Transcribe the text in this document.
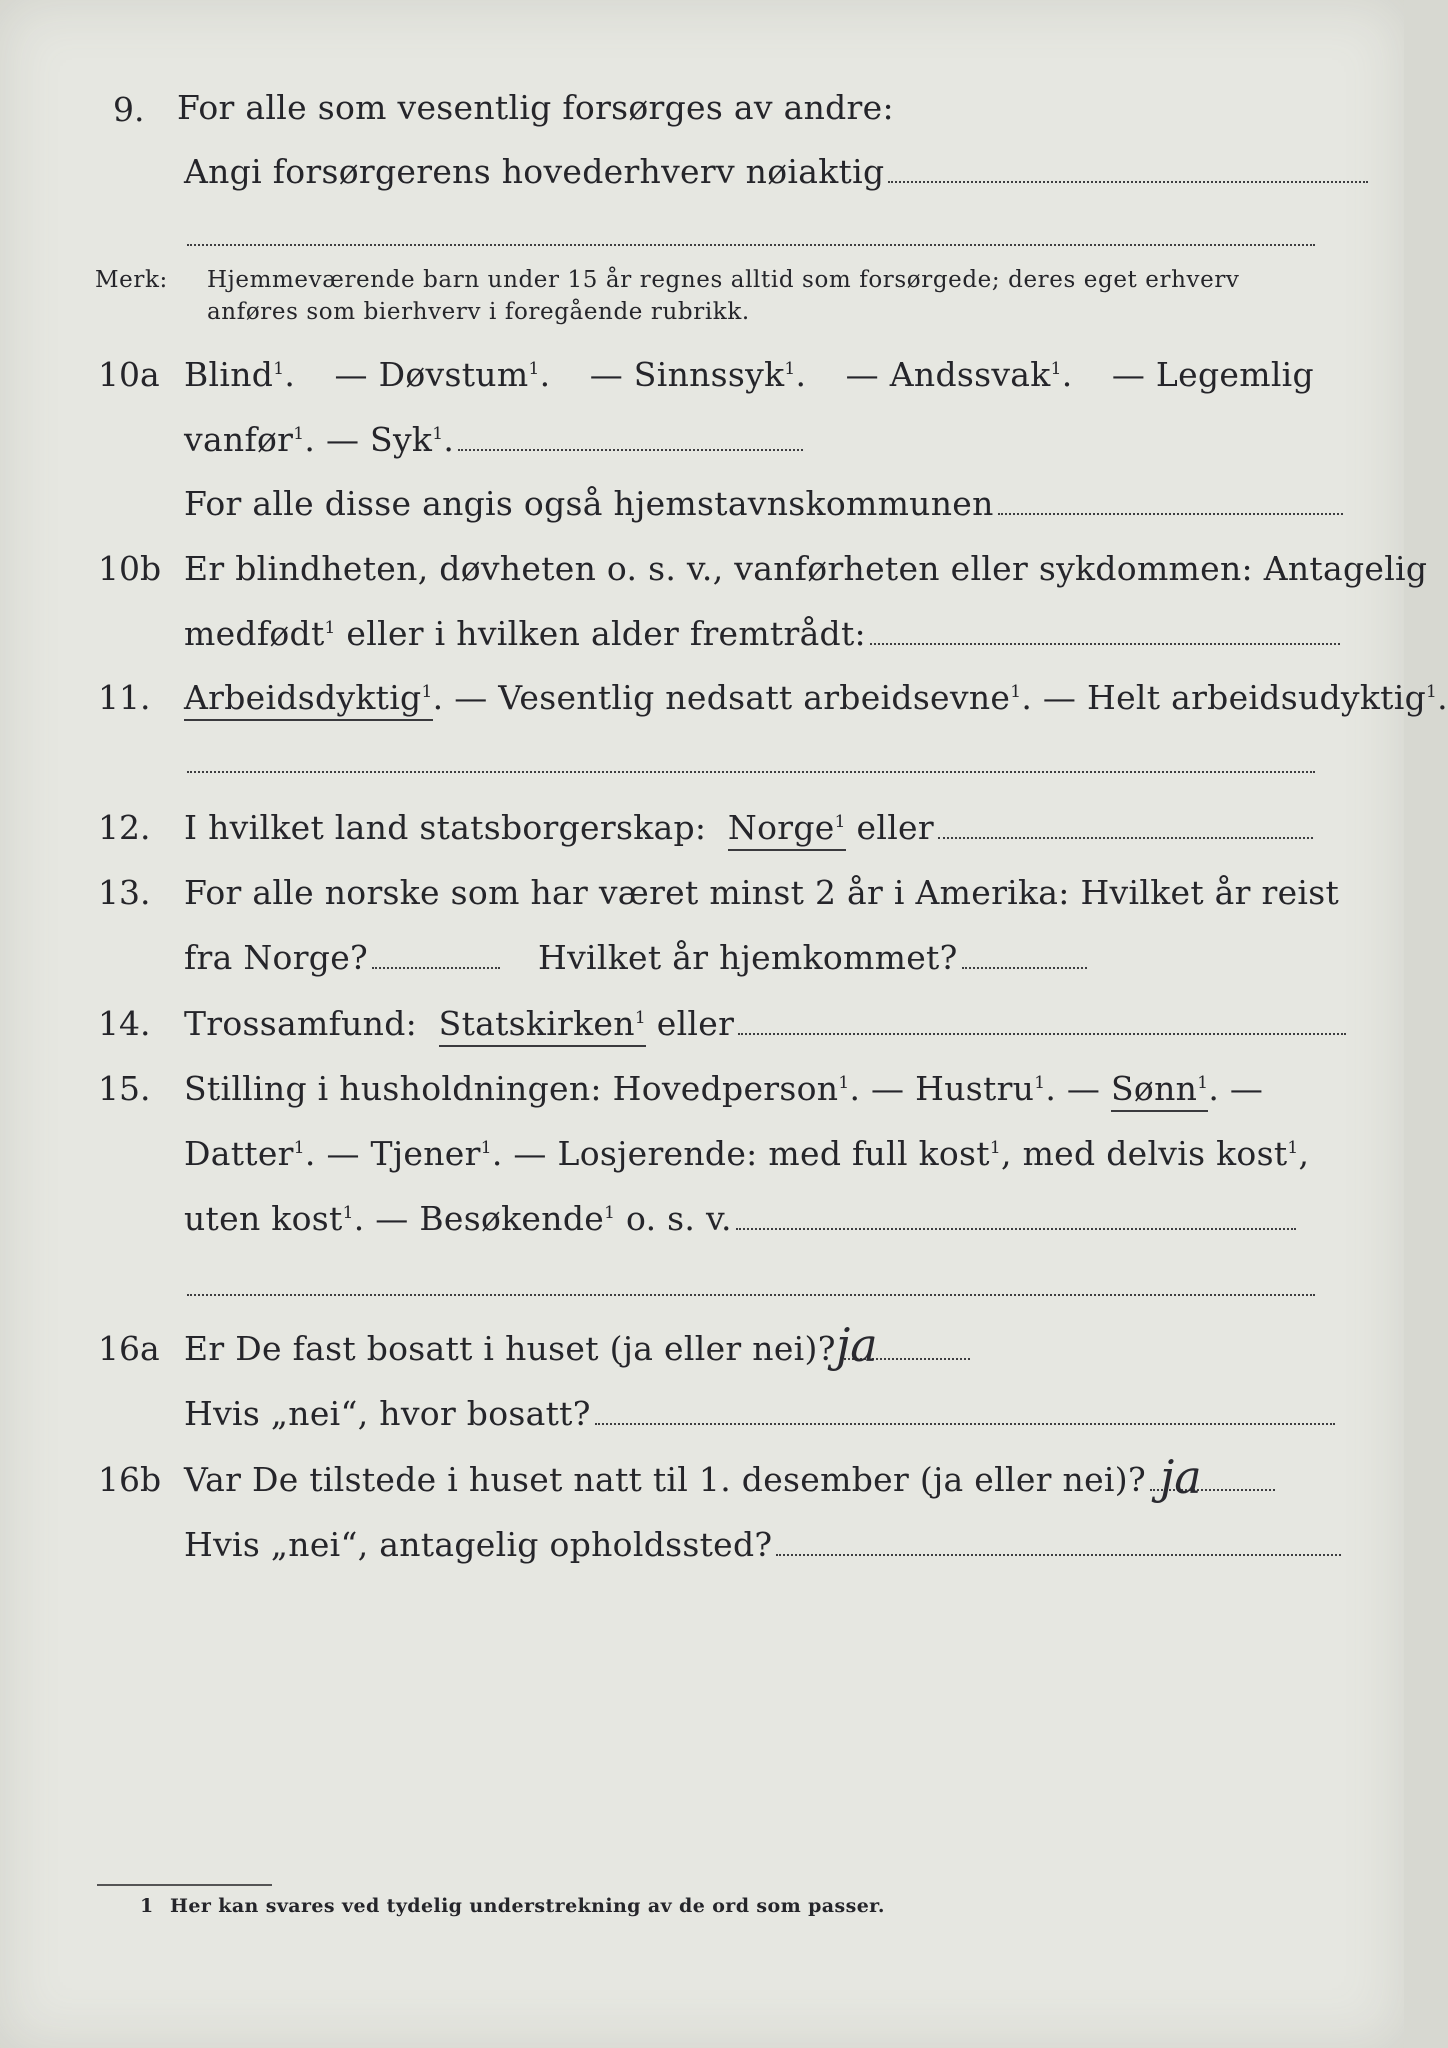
9. For alle som vesentlig forsørges av andre:
Angi forsørgerens hovederhverv nøiaktig
Merk: Hjemmeværende barn under 15 år regnes alltid som forsørgede; deres eget erhverv
anføres som bierhverv i foregående rubrikk.
10a Blind$^1$. — Døvstum$^1$. — Sinnssyk$^1$. — Andssvak$^1$. — Legemlig
vanfør$^1$. — Syk$^1$.
For alle disse angis også hjemstavnskommunen
10b Er blindheten, døvheten o. s. v., vanførheten eller sykdommen: Antagelig
medfødt$^1$ eller i hvilken alder fremtrådt:
11. Arbeidsdyktig$^1$. — Vesentlig nedsatt arbeidsevne$^1$. — Helt arbeidsudyktig$^1$.
12. I hvilket land statsborgerskap: Norge$^1$ eller
13. For alle norske som har været minst 2 år i Amerika: Hvilket år reist
fra Norge?	Hvilket år hjemkommet?
14. Trossamfund: Statskirken$^1$ eller
15. Stilling i husholdningen: Hovedperson$^1$. — Hustru$^1$. — Sønn$^1$. —
Datter$^1$. — Tjener$^1$. — Losjerende: med full kost$^1$, med delvis kost$^1$,
uten kost$^1$. — Besøkende$^1$ o. s. v.
16a Er De fast bosatt i huset (ja eller nei)? ja
Hvis „nei“, hvor bosatt?
16b Var De tilstede i huset natt til 1. desember (ja eller nei)? ja
Hvis „nei“, antagelig opholdssted?
1 Her kan svares ved tydelig understrekning av de ord som passer.
